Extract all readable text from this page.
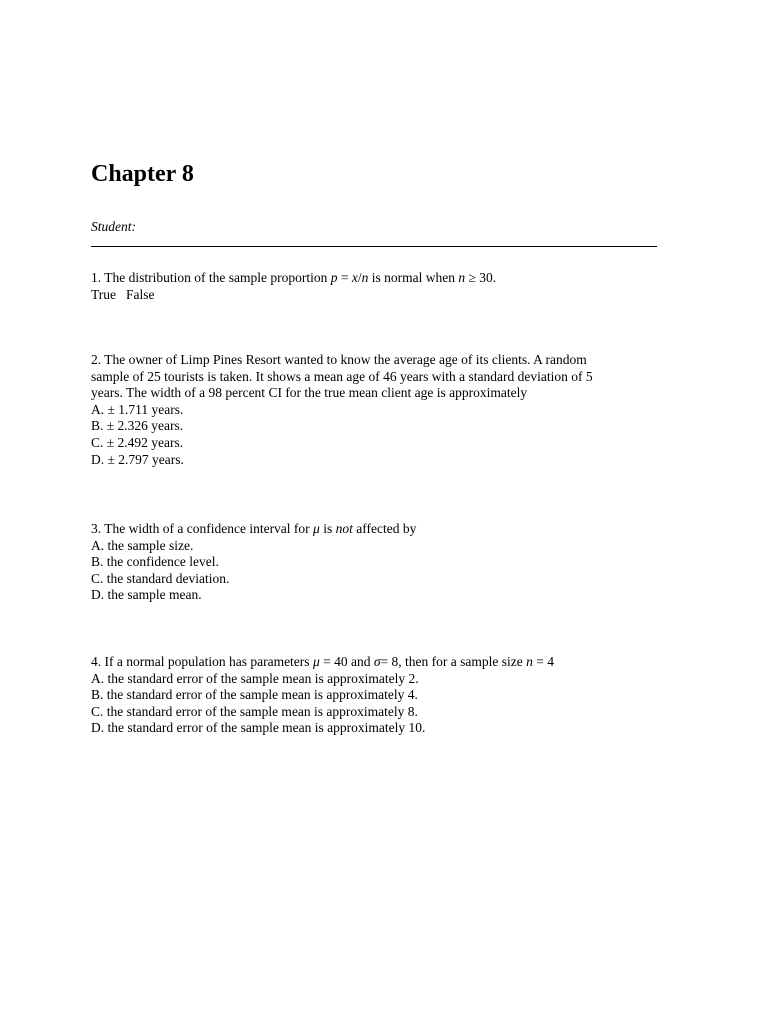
Chapter 8
Student:
1. The distribution of the sample proportion p = x/n is normal when n ≥ 30.
True False
2. The owner of Limp Pines Resort wanted to know the average age of its clients. A random
sample of 25 tourists is taken. It shows a mean age of 46 years with a standard deviation of 5
years. The width of a 98 percent CI for the true mean client age is approximately
A. ± 1.711 years.
B. ± 2.326 years.
C. ± 2.492 years.
D. ± 2.797 years.
3. The width of a confidence interval for μ is not affected by
A. the sample size.
B. the confidence level.
C. the standard deviation.
D. the sample mean.
4. If a normal population has parameters μ = 40 and σ= 8, then for a sample size n = 4
A. the standard error of the sample mean is approximately 2.
B. the standard error of the sample mean is approximately 4.
C. the standard error of the sample mean is approximately 8.
D. the standard error of the sample mean is approximately 10.
